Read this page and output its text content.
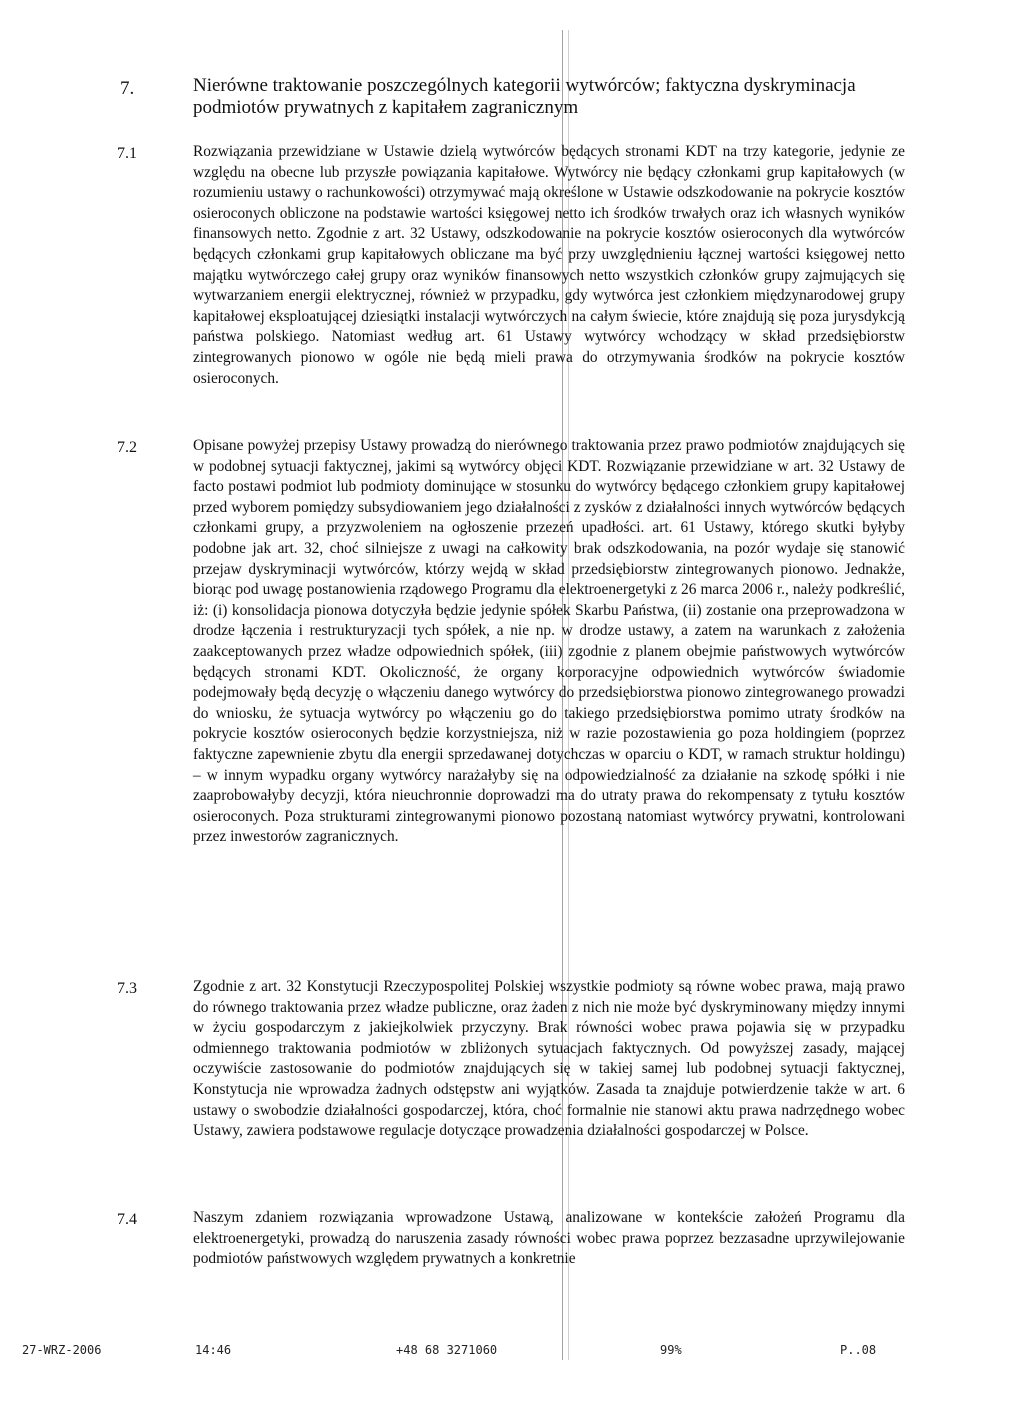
7.	Nierówne traktowanie poszczególnych kategorii wytwórców; faktyczna dyskryminacja podmiotów prywatnych z kapitałem zagranicznym
7.1	Rozwiązania przewidziane w Ustawie dzielą wytwórców będących stronami KDT na trzy kategorie, jedynie ze względu na obecne lub przyszłe powiązania kapitałowe. Wytwórcy nie będący członkami grup kapitałowych (w rozumieniu ustawy o rachunkowości) otrzymywać mają określone w Ustawie odszkodowanie na pokrycie kosztów osieroconych obliczone na podstawie wartości księgowej netto ich środków trwałych oraz ich własnych wyników finansowych netto. Zgodnie z art. 32 Ustawy, odszkodowanie na pokrycie kosztów osieroconych dla wytwórców będących członkami grup kapitałowych obliczane ma być przy uwzględnieniu łącznej wartości księgowej netto majątku wytwórczego całej grupy oraz wyników finansowych netto wszystkich członków grupy zajmujących się wytwarzaniem energii elektrycznej, również w przypadku, gdy wytwórca jest członkiem międzynarodowej grupy kapitałowej eksploatującej dziesiątki instalacji wytwórczych na całym świecie, które znajdują się poza jurysdykcją państwa polskiego. Natomiast według art. 61 Ustawy wytwórcy wchodzący w skład przedsiębiorstw zintegrowanych pionowo w ogóle nie będą mieli prawa do otrzymywania środków na pokrycie kosztów osieroconych.
7.2	Opisane powyżej przepisy Ustawy prowadzą do nierównego traktowania przez prawo podmiotów znajdujących się w podobnej sytuacji faktycznej, jakimi są wytwórcy objęci KDT. Rozwiązanie przewidziane w art. 32 Ustawy de facto postawi podmiot lub podmioty dominujące w stosunku do wytwórcy będącego członkiem grupy kapitałowej przed wyborem pomiędzy subsydiowaniem jego działalności z zysków z działalności innych wytwórców będących członkami grupy, a przyzwoleniem na ogłoszenie przezeń upadłości. art. 61 Ustawy, którego skutki byłyby podobne jak art. 32, choć silniejsze z uwagi na całkowity brak odszkodowania, na pozór wydaje się stanowić przejaw dyskryminacji wytwórców, którzy wejdą w skład przedsiębiorstw zintegrowanych pionowo. Jednakże, biorąc pod uwagę postanowienia rządowego Programu dla elektroenergetyki z 26 marca 2006 r., należy podkreślić, iż: (i) konsolidacja pionowa dotyczyła będzie jedynie spółek Skarbu Państwa, (ii) zostanie ona przeprowadzona w drodze łączenia i restrukturyzacji tych spółek, a nie np. w drodze ustawy, a zatem na warunkach z założenia zaakceptowanych przez władze odpowiednich spółek, (iii) zgodnie z planem obejmie państwowych wytwórców będących stronami KDT. Okoliczność, że organy korporacyjne odpowiednich wytwórców świadomie podejmowały będą decyzję o włączeniu danego wytwórcy do przedsiębiorstwa pionowo zintegrowanego prowadzi do wniosku, że sytuacja wytwórcy po włączeniu go do takiego przedsiębiorstwa pomimo utraty środków na pokrycie kosztów osieroconych będzie korzystniejsza, niż w razie pozostawienia go poza holdingiem (poprzez faktyczne zapewnienie zbytu dla energii sprzedawanej dotychczas w oparciu o KDT, w ramach struktur holdingu) – w innym wypadku organy wytwórcy narażałyby się na odpowiedzialność za działanie na szkodę spółki i nie zaaprobowałyby decyzji, która nieuchronnie doprowadzi ma do utraty prawa do rekompensaty z tytułu kosztów osieroconych. Poza strukturami zintegrowanymi pionowo pozostaną natomiast wytwórcy prywatni, kontrolowani przez inwestorów zagranicznych.
7.3	Zgodnie z art. 32 Konstytucji Rzeczypospolitej Polskiej wszystkie podmioty są równe wobec prawa, mają prawo do równego traktowania przez władze publiczne, oraz żaden z nich nie może być dyskryminowany między innymi w życiu gospodarczym z jakiejkolwiek przyczyny. Brak równości wobec prawa pojawia się w przypadku odmiennego traktowania podmiotów w zbliżonych sytuacjach faktycznych. Od powyższej zasady, mającej oczywiście zastosowanie do podmiotów znajdujących się w takiej samej lub podobnej sytuacji faktycznej, Konstytucja nie wprowadza żadnych odstępstw ani wyjątków. Zasada ta znajduje potwierdzenie także w art. 6 ustawy o swobodzie działalności gospodarczej, która, choć formalnie nie stanowi aktu prawa nadrzędnego wobec Ustawy, zawiera podstawowe regulacje dotyczące prowadzenia działalności gospodarczej w Polsce.
7.4	Naszym zdaniem rozwiązania wprowadzone Ustawą, analizowane w kontekście założeń Programu dla elektroenergetyki, prowadzą do naruszenia zasady równości wobec prawa poprzez bezzasadne uprzywilejowanie podmiotów państwowych względem prywatnych a konkretnie
27-WRZ-2006	14:46	+48 68 3271060	99%	P..08
